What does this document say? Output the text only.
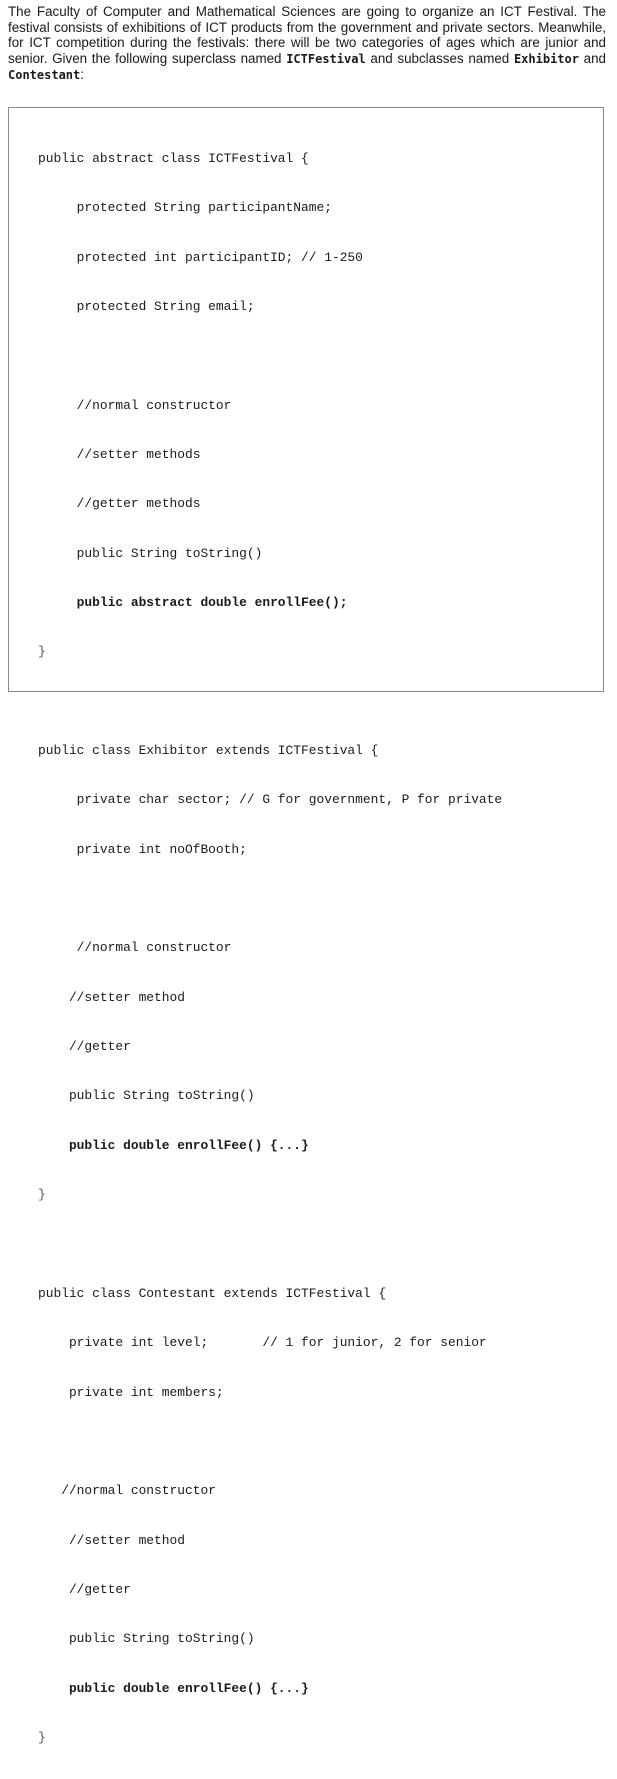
The Faculty of Computer and Mathematical Sciences are going to organize an ICT Festival. The festival consists of exhibitions of ICT products from the government and private sectors. Meanwhile, for ICT competition during the festivals: there will be two categories of ages which are junior and senior. Given the following superclass named ICTFestival and subclasses named Exhibitor and Contestant:

public abstract class ICTFestival {

protected String participantName;

protected int participantID; // 1-250

protected String email;

//normal constructor

//setter methods

//getter methods

public String toString()

public abstract double enrollFee();

}

public class Exhibitor extends ICTFestival {

private char sector; // G for government, P for private

private int noOfBooth;

//normal constructor

//setter method

//getter

public String toString()

public double enrollFee() {...}

}

public class Contestant extends ICTFestival {

private int level;       // 1 for junior, 2 for senior

private int members;

//normal constructor

//setter method

//getter

public String toString()

public double enrollFee() {...}

}
